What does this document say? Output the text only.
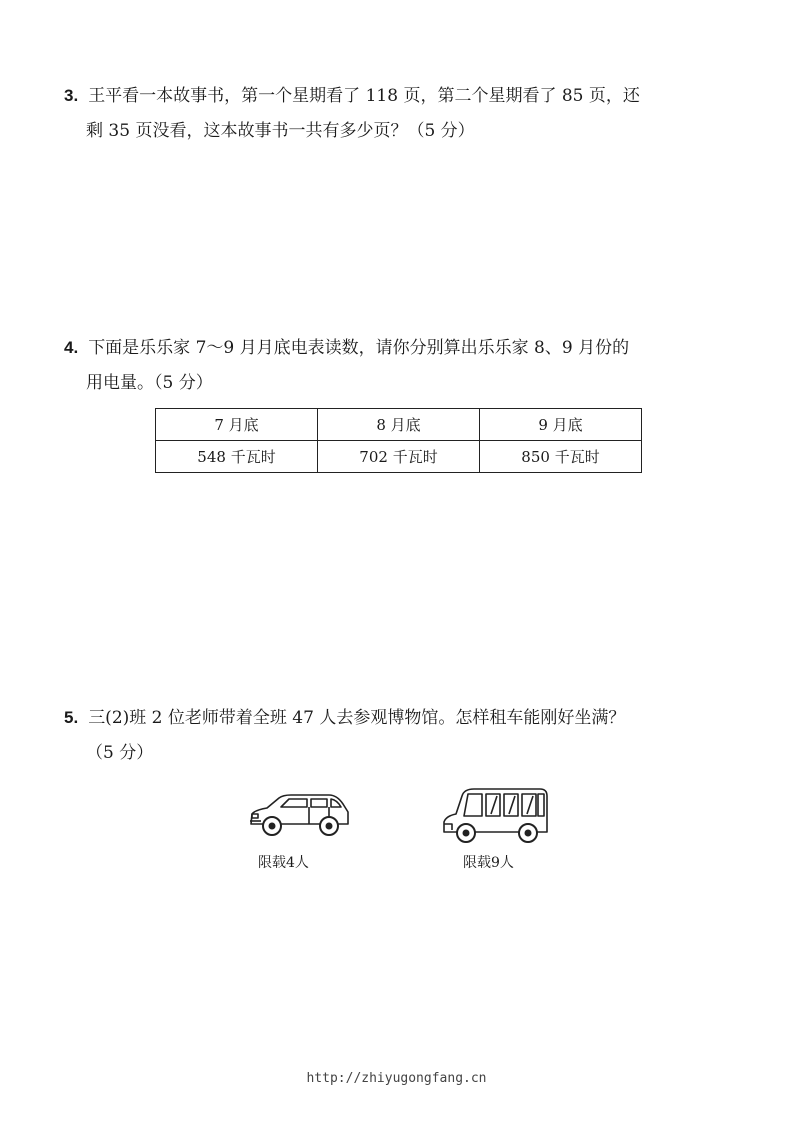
3. 王平看一本故事书，第一个星期看了 118 页，第二个星期看了 85 页，还
剩 35 页没看，这本故事书一共有多少页？（5 分）
4. 下面是乐乐家 7～9 月月底电表读数，请你分别算出乐乐家 8、9 月份的
用电量。（5 分）
7 月底	8 月底	9 月底
548 千瓦时	702 千瓦时	850 千瓦时
5. 三(2)班 2 位老师带着全班 47 人去参观博物馆。怎样租车能刚好坐满？
（5 分）
限载4人	限载9人
http://zhiyugongfang.cn
